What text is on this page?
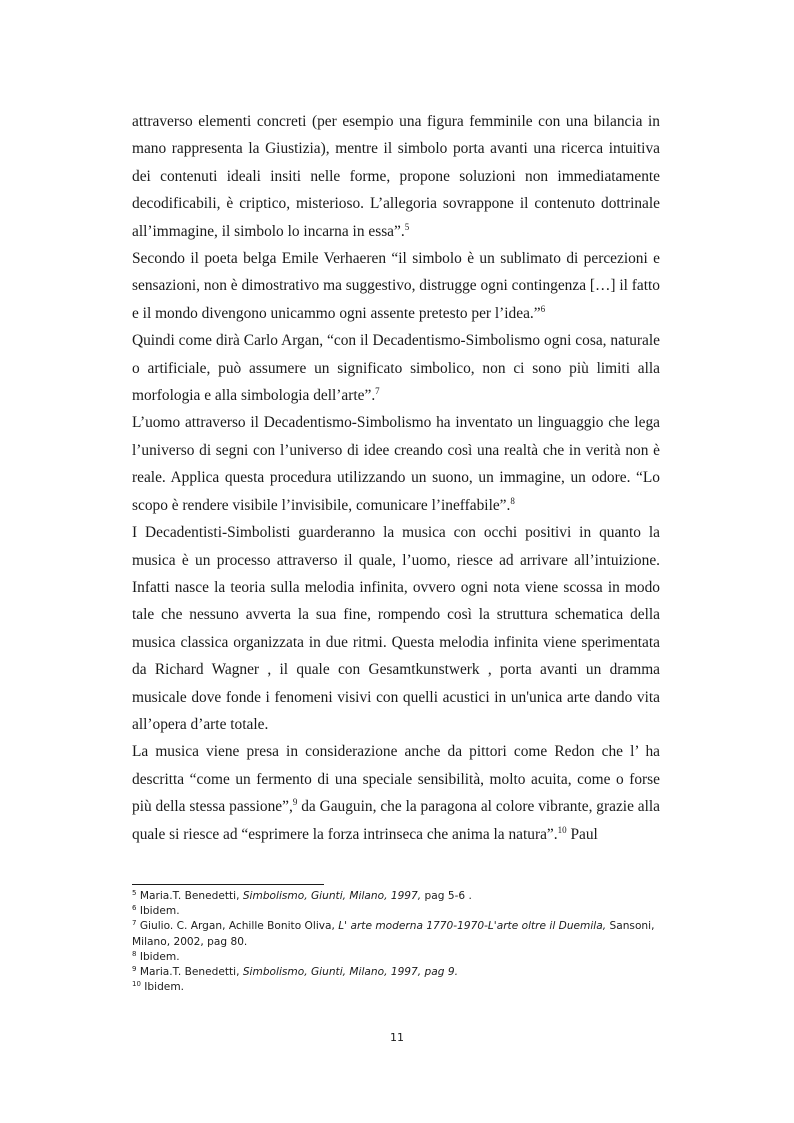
attraverso elementi concreti (per esempio una figura femminile con una bilancia in mano rappresenta la Giustizia), mentre il simbolo porta avanti una ricerca intuitiva dei contenuti ideali insiti nelle forme, propone soluzioni non immediatamente decodificabili, è criptico, misterioso. L’allegoria sovrappone il contenuto dottrinale all’immagine, il simbolo lo incarna in essa”.$^5$

Secondo il poeta belga Emile Verhaeren “il simbolo è un sublimato di percezioni e sensazioni, non è dimostrativo ma suggestivo, distrugge ogni contingenza […] il fatto e il mondo divengono unicammo ogni assente pretesto per l’idea.”$^6$

Quindi come dirà Carlo Argan, “con il Decadentismo-Simbolismo ogni cosa, naturale o artificiale, può assumere un significato simbolico, non ci sono più limiti alla morfologia e alla simbologia dell’arte”.$^7$

L’uomo attraverso il Decadentismo-Simbolismo ha inventato un linguaggio che lega l’universo di segni con l’universo di idee creando così una realtà che in verità non è reale. Applica questa procedura utilizzando un suono, un immagine, un odore. “Lo scopo è rendere visibile l’invisibile, comunicare l’ineffabile”.$^8$

I Decadentisti-Simbolisti guarderanno la musica con occhi positivi in quanto la musica è un processo attraverso il quale, l’uomo, riesce ad arrivare all’intuizione. Infatti nasce la teoria sulla melodia infinita, ovvero ogni nota viene scossa in modo tale che nessuno avverta la sua fine, rompendo così la struttura schematica della musica classica organizzata in due ritmi. Questa melodia infinita viene sperimentata da Richard Wagner , il quale con Gesamtkunstwerk , porta avanti un dramma musicale dove fonde i fenomeni visivi con quelli acustici in un'unica arte dando vita all’opera d’arte totale.

La musica viene presa in considerazione anche da pittori come Redon che l’ ha descritta “come un fermento di una speciale sensibilità, molto acuita, come o forse più della stessa passione”,$^9$ da Gauguin, che la paragona al colore vibrante, grazie alla quale si riesce ad “esprimere la forza intrinseca che anima la natura”.$^{10}$ Paul

$^5$ Maria.T. Benedetti, Simbolismo, Giunti, Milano, 1997, pag 5-6 .

$^6$ Ibidem.

$^7$ Giulio. C. Argan, Achille Bonito Oliva, L' arte moderna 1770-1970-L'arte oltre il Duemila, Sansoni, Milano, 2002, pag 80.

$^8$ Ibidem.

$^9$ Maria.T. Benedetti, Simbolismo, Giunti, Milano, 1997, pag 9.

$^{10}$ Ibidem.

11
